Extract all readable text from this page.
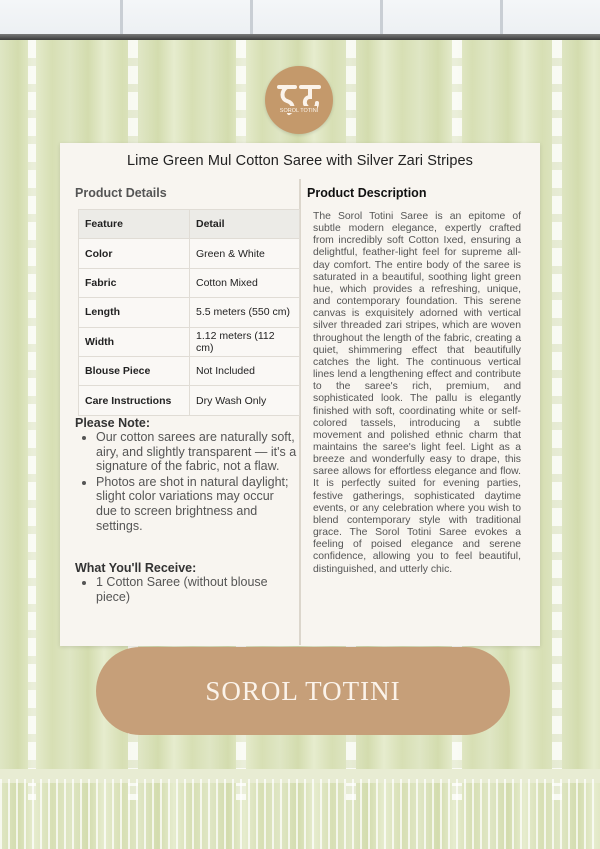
SOROL TOTINI
Lime Green Mul Cotton Saree with Silver Zari Stripes
Product Details
Feature	Detail
Color	Green & White
Fabric	Cotton Mixed
Length	5.5 meters (550 cm)
Width	1.12 meters (112 cm)
Blouse Piece	Not Included
Care Instructions	Dry Wash Only
Please Note:
• Our cotton sarees are naturally soft, airy, and slightly transparent — it's a signature of the fabric, not a flaw.
• Photos are shot in natural daylight; slight color variations may occur due to screen brightness and settings.
What You'll Receive:
• 1 Cotton Saree (without blouse piece)
Product Description

The Sorol Totini Saree is an epitome of subtle modern elegance, expertly crafted from incredibly soft Cotton Ixed, ensuring a delightful, feather-light feel for supreme all-day comfort. The entire body of the saree is saturated in a beautiful, soothing light green hue, which provides a refreshing, unique, and contemporary foundation. This serene canvas is exquisitely adorned with vertical silver threaded zari stripes, which are woven throughout the length of the fabric, creating a quiet, shimmering effect that beautifully catches the light. The continuous vertical lines lend a lengthening effect and contribute to the saree's rich, premium, and sophisticated look. The pallu is elegantly finished with soft, coordinating white or self-colored tassels, introducing a subtle movement and polished ethnic charm that maintains the saree's light feel. Light as a breeze and wonderfully easy to drape, this saree allows for effortless elegance and flow. It is perfectly suited for evening parties, festive gatherings, sophisticated daytime events, or any celebration where you wish to blend contemporary style with traditional grace. The Sorol Totini Saree evokes a feeling of poised elegance and serene confidence, allowing you to feel beautiful, distinguished, and utterly chic.

SOROL TOTINI
